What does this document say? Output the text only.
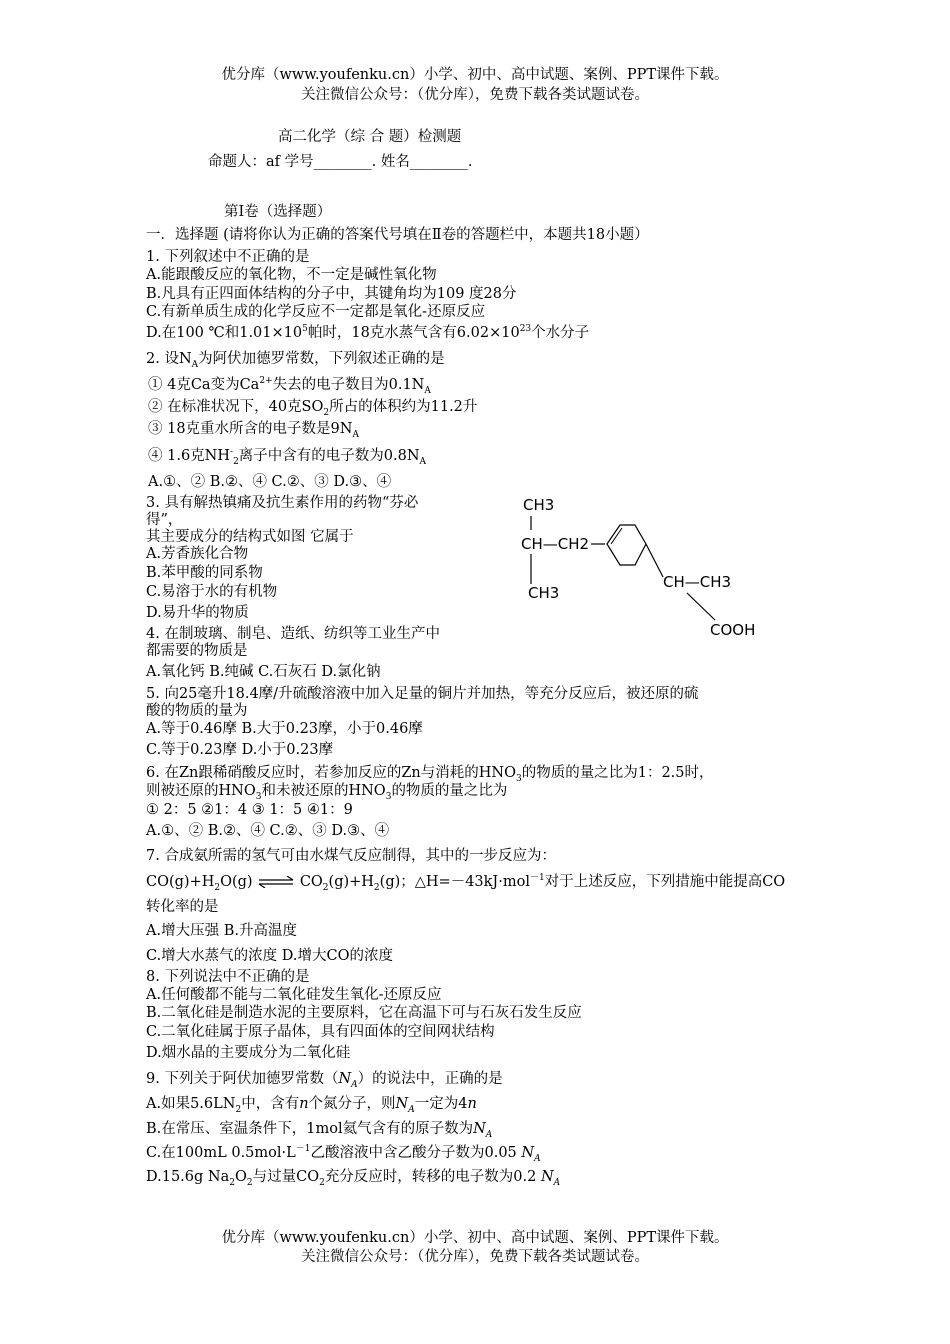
优分库（www.youfenku.cn）小学、初中、高中试题、案例、PPT课件下载。
关注微信公众号：（优分库），免费下载各类试题试卷。
高二化学（综 合 题）检测题
命题人：af 学号________. 姓名________.
第Ⅰ卷（选择题）
一．选择题 (请将你认为正确的答案代号填在Ⅱ卷的答题栏中，本题共18小题）
1. 下列叙述中不正确的是
A.能跟酸反应的氧化物，不一定是碱性氧化物
B.凡具有正四面体结构的分子中，其键角均为109 度28分
C.有新单质生成的化学反应不一定都是氧化-还原反应
D.在100 ℃和$1.01\times 10^5$帕时，18克水蒸气含有$6.02\times 10^{23}$个水分子
2. 设$N_A$为阿伏加德罗常数，下列叙述正确的是
① 4克Ca变为$Ca^{2+}$失去的电子数目为$0.1N_A$
② 在标准状况下，40克$SO_2$所占的体积约为11.2升
③ 18克重水所含的电子数是$9N_A$
④ 1.6克$NH^-_2$离子中含有的电子数为$0.8N_A$
A.①、② B.②、④ C.②、③ D.③、④
3. 具有解热镇痛及抗生素作用的药物“芬必
得”，
其主要成分的结构式如图 它属于
A.芳香族化合物
B.苯甲酸的同系物
C.易溶于水的有机物
D.易升华的物质
CH3
CH—CH2
CH3
CH—CH3
COOH
4. 在制玻璃、制皂、造纸、纺织等工业生产中
都需要的物质是
A.氧化钙 B.纯碱 C.石灰石 D.氯化钠
5. 向25毫升18.4摩/升硫酸溶液中加入足量的铜片并加热，等充分反应后，被还原的硫
酸的物质的量为
A.等于0.46摩 B.大于0.23摩，小于0.46摩
C.等于0.23摩 D.小于0.23摩
6. 在Zn跟稀硝酸反应时，若参加反应的Zn与消耗的$HNO_3$的物质的量之比为1：2.5时，
则被还原的$HNO_3$和未被还原的$HNO_3$的物质的量之比为
① 2：5 ②1：4 ③ 1：5 ④1：9
A.①、② B.②、④ C.②、③ D.③、④
7. 合成氨所需的氢气可由水煤气反应制得，其中的一步反应为：
$CO(g)+H_2O(g)$ ⇌ $CO_2(g)+H_2(g)$；△H=－43kJ·mol$^{-1}$对于上述反应，下列措施中能提高CO
转化率的是
A.增大压强 B.升高温度
C.增大水蒸气的浓度 D.增大CO的浓度
8. 下列说法中不正确的是
A.任何酸都不能与二氧化硅发生氧化-还原反应
B.二氧化硅是制造水泥的主要原料，它在高温下可与石灰石发生反应
C.二氧化硅属于原子晶体，具有四面体的空间网状结构
D.烟水晶的主要成分为二氧化硅
9. 下列关于阿伏加德罗常数$(N_A)$的说法中，正确的是
A.如果$5.6LN_2$中，含有n个氮分子，则$N_A$一定为4n
B.在常压、室温条件下，1mol氦气含有的原子数为$N_A$
C.在100mL $0.5mol\cdot L^{-1}$乙酸溶液中含乙酸分子数为0.05 $N_A$
D.15.6g $Na_2O_2$与过量$CO_2$充分反应时，转移的电子数为0.2 $N_A$
优分库（www.youfenku.cn）小学、初中、高中试题、案例、PPT课件下载。
关注微信公众号：（优分库），免费下载各类试题试卷。
